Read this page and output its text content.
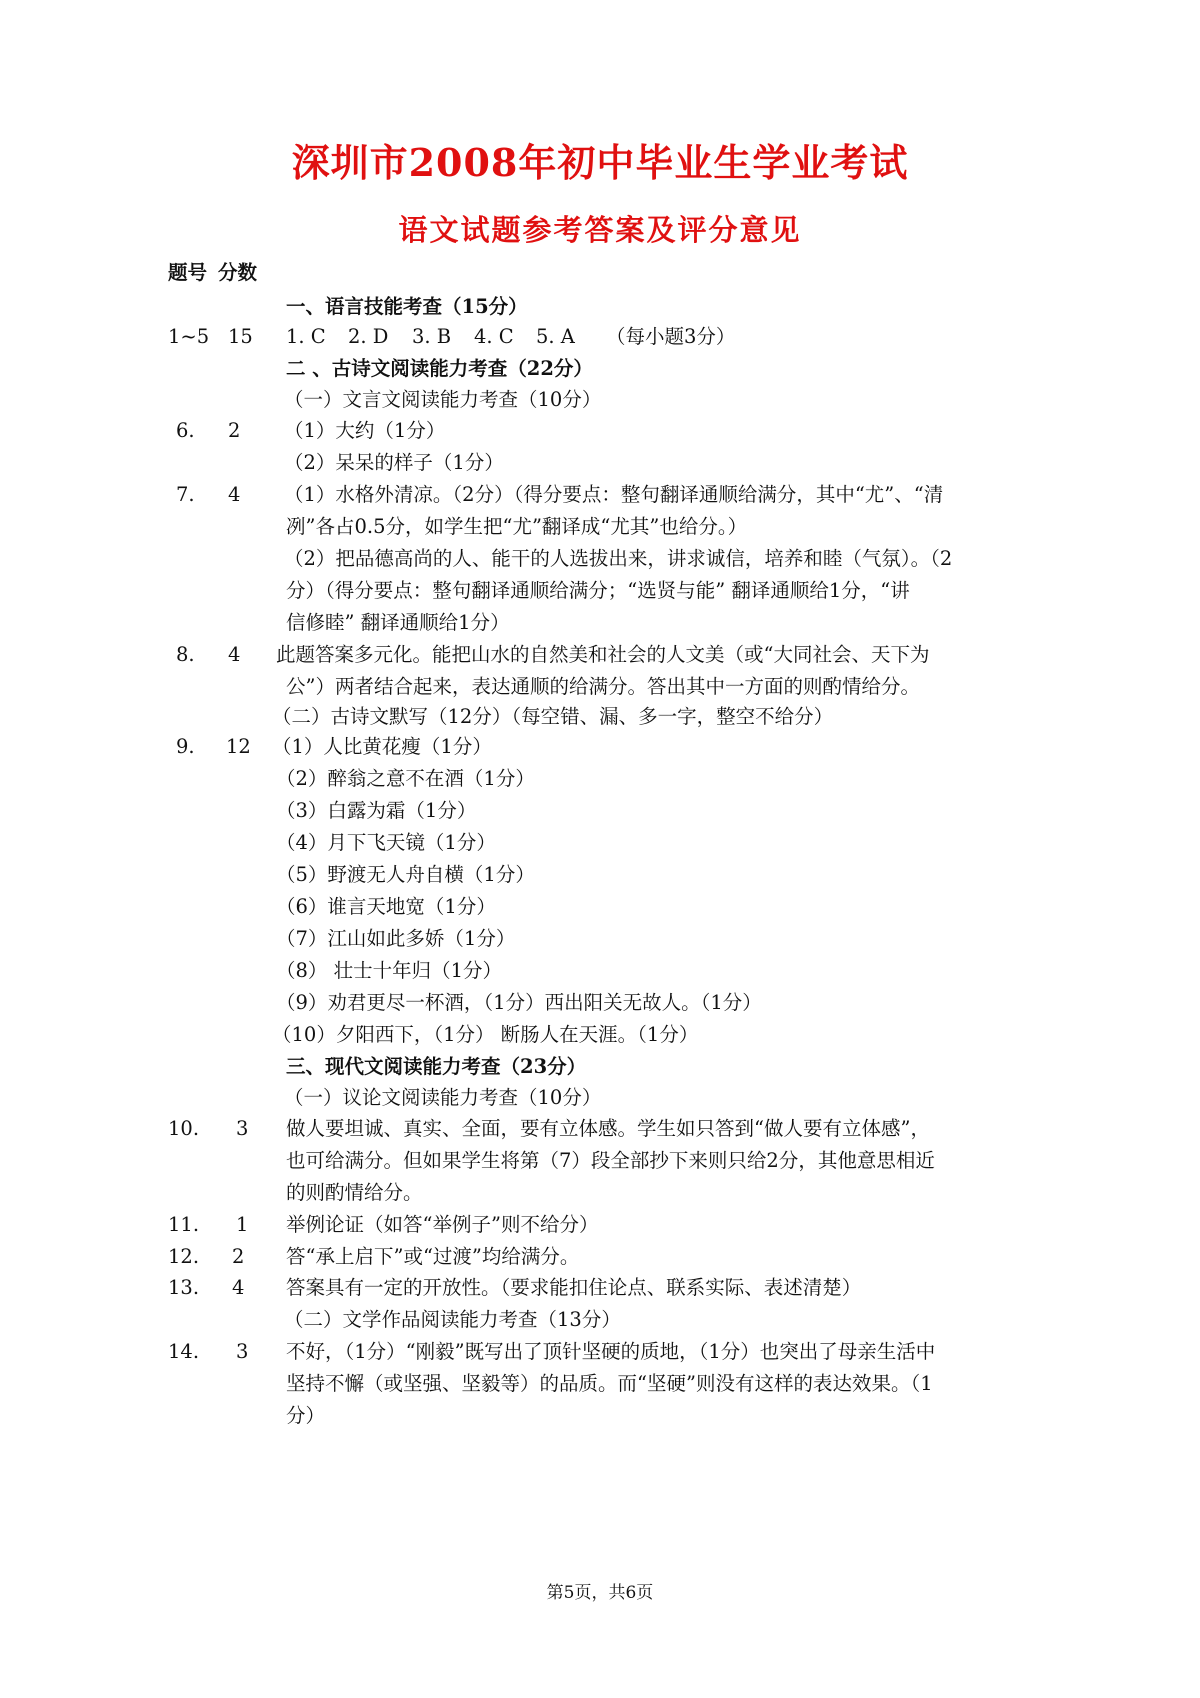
深圳市2008年初中毕业生学业考试
语文试题参考答案及评分意见
题号 分数
一、语言技能考查（15分）
1~5 15 1. C 2. D 3. B 4. C 5. A （每小题3分）
二 、古诗文阅读能力考查（22分）
（一）文言文阅读能力考查（10分）
6. 2 （1）大约（1分）
（2）呆呆的样子（1分）
7. 4 （1）水格外清凉。（2分）（得分要点：整句翻译通顺给满分，其中“尤”、“清
冽”各占0.5分，如学生把“尤”翻译成“尤其”也给分。）
（2）把品德高尚的人、能干的人选拔出来，讲求诚信，培养和睦（气氛）。（2
分）（得分要点：整句翻译通顺给满分；“选贤与能” 翻译通顺给1分，“讲
信修睦” 翻译通顺给1分）
8. 4 此题答案多元化。能把山水的自然美和社会的人文美（或“大同社会、天下为
公”）两者结合起来，表达通顺的给满分。答出其中一方面的则酌情给分。
（二）古诗文默写（12分）（每空错、漏、多一字，整空不给分）
9. 12 （1）人比黄花瘦（1分）
（2）醉翁之意不在酒（1分）
（3）白露为霜（1分）
（4）月下飞天镜（1分）
（5）野渡无人舟自横（1分）
（6）谁言天地宽（1分）
（7）江山如此多娇（1分）
（8） 壮士十年归（1分）
（9）劝君更尽一杯酒，（1分）西出阳关无故人。（1分）
（10）夕阳西下，（1分） 断肠人在天涯。（1分）
三、现代文阅读能力考查（23分）
（一）议论文阅读能力考查（10分）
10. 3 做人要坦诚、真实、全面，要有立体感。学生如只答到“做人要有立体感”，
也可给满分。但如果学生将第（7）段全部抄下来则只给2分，其他意思相近
的则酌情给分。
11. 1 举例论证（如答“举例子”则不给分）
12. 2 答“承上启下”或“过渡”均给满分。
13. 4 答案具有一定的开放性。（要求能扣住论点、联系实际、表述清楚）
（二）文学作品阅读能力考查（13分）
14. 3 不好，（1分）“刚毅”既写出了顶针坚硬的质地，（1分）也突出了母亲生活中
坚持不懈（或坚强、坚毅等）的品质。而“坚硬”则没有这样的表达效果。（1
分）
第5页，共6页
